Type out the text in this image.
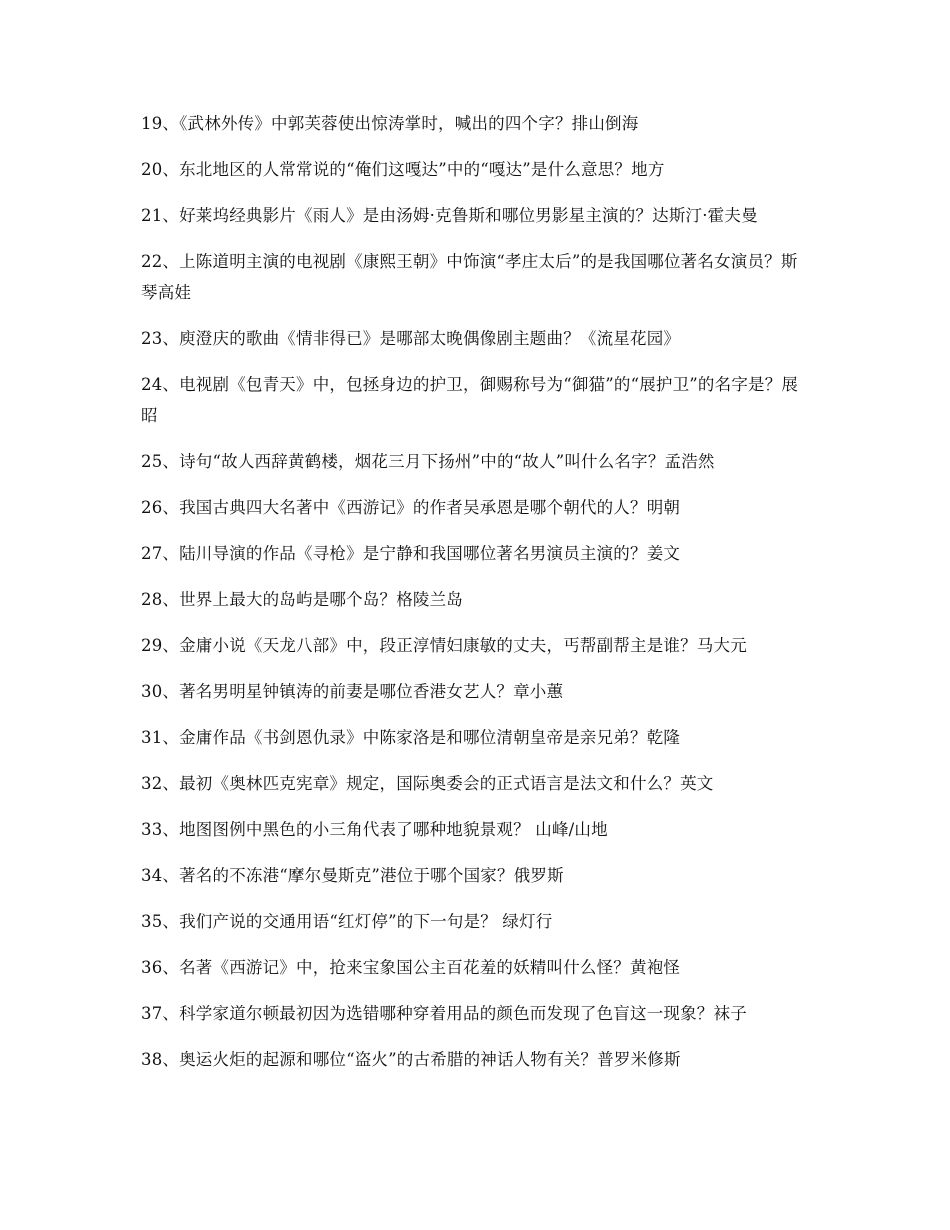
19、《武林外传》中郭芙蓉使出惊涛掌时，喊出的四个字？排山倒海

20、东北地区的人常常说的“俺们这嘎达”中的“嘎达”是什么意思？地方

21、好莱坞经典影片《雨人》是由汤姆·克鲁斯和哪位男影星主演的？达斯汀·霍夫曼

22、上陈道明主演的电视剧《康熙王朝》中饰演“孝庄太后”的是我国哪位著名女演员？斯琴高娃

23、庾澄庆的歌曲《情非得已》是哪部太晚偶像剧主题曲？《流星花园》

24、电视剧《包青天》中，包拯身边的护卫，御赐称号为“御猫”的“展护卫”的名字是？展昭

25、诗句“故人西辞黄鹤楼，烟花三月下扬州”中的“故人”叫什么名字？孟浩然

26、我国古典四大名著中《西游记》的作者吴承恩是哪个朝代的人？明朝

27、陆川导演的作品《寻枪》是宁静和我国哪位著名男演员主演的？姜文

28、世界上最大的岛屿是哪个岛？格陵兰岛

29、金庸小说《天龙八部》中，段正淳情妇康敏的丈夫，丐帮副帮主是谁？马大元

30、著名男明星钟镇涛的前妻是哪位香港女艺人？章小蕙

31、金庸作品《书剑恩仇录》中陈家洛是和哪位清朝皇帝是亲兄弟？乾隆

32、最初《奥林匹克宪章》规定，国际奥委会的正式语言是法文和什么？英文

33、地图图例中黑色的小三角代表了哪种地貌景观？ 山峰/山地

34、著名的不冻港“摩尔曼斯克”港位于哪个国家？俄罗斯

35、我们产说的交通用语“红灯停”的下一句是？ 绿灯行

36、名著《西游记》中，抢来宝象国公主百花羞的妖精叫什么怪？黄袍怪

37、科学家道尔顿最初因为选错哪种穿着用品的颜色而发现了色盲这一现象？袜子

38、奥运火炬的起源和哪位“盗火”的古希腊的神话人物有关？普罗米修斯
